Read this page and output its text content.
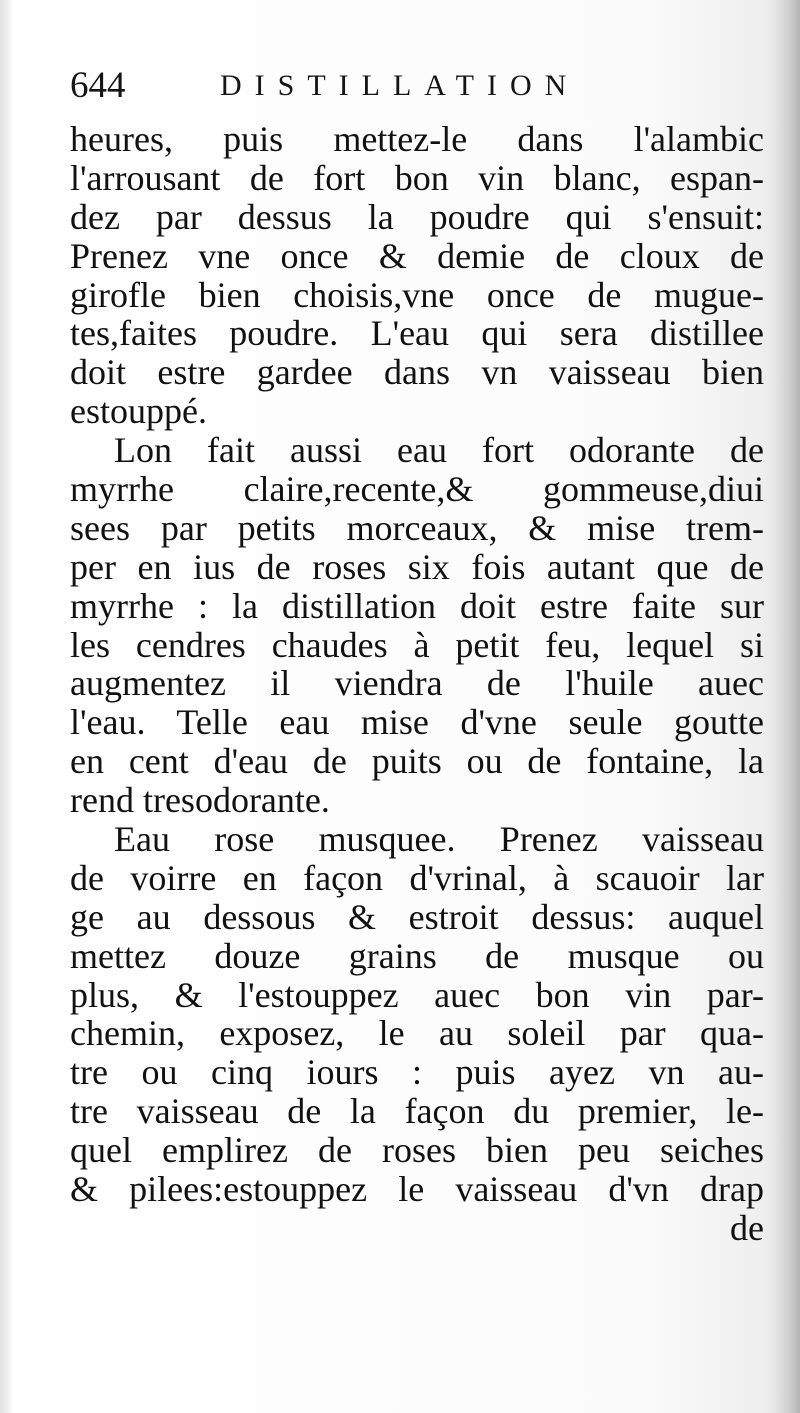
644	DISTILLATION
heures, puis mettez-le dans l'alambic
l'arrousant de fort bon vin blanc, espan-
dez par dessus la poudre qui s'ensuit:
Prenez vne once & demie de cloux de
girofle bien choisis,vne once de mugue-
tes,faites poudre. L'eau qui sera distillee
doit estre gardee dans vn vaisseau bien
estouppé.
Lon fait aussi eau fort odorante de
myrrhe claire,recente,& gommeuse,diui
sees par petits morceaux, & mise trem-
per en ius de roses six fois autant que de
myrrhe : la distillation doit estre faite sur
les cendres chaudes à petit feu, lequel si
augmentez il viendra de l'huile auec
l'eau. Telle eau mise d'vne seule goutte
en cent d'eau de puits ou de fontaine, la
rend tresodorante.
Eau rose musquee. Prenez vaisseau
de voirre en façon d'vrinal, à scauoir lar
ge au dessous & estroit dessus: auquel
mettez douze grains de musque ou
plus, & l'estouppez auec bon vin par-
chemin, exposez, le au soleil par qua-
tre ou cinq iours : puis ayez vn au-
tre vaisseau de la façon du premier, le-
quel emplirez de roses bien peu seiches
& pilees:estouppez le vaisseau d'vn drap
de
